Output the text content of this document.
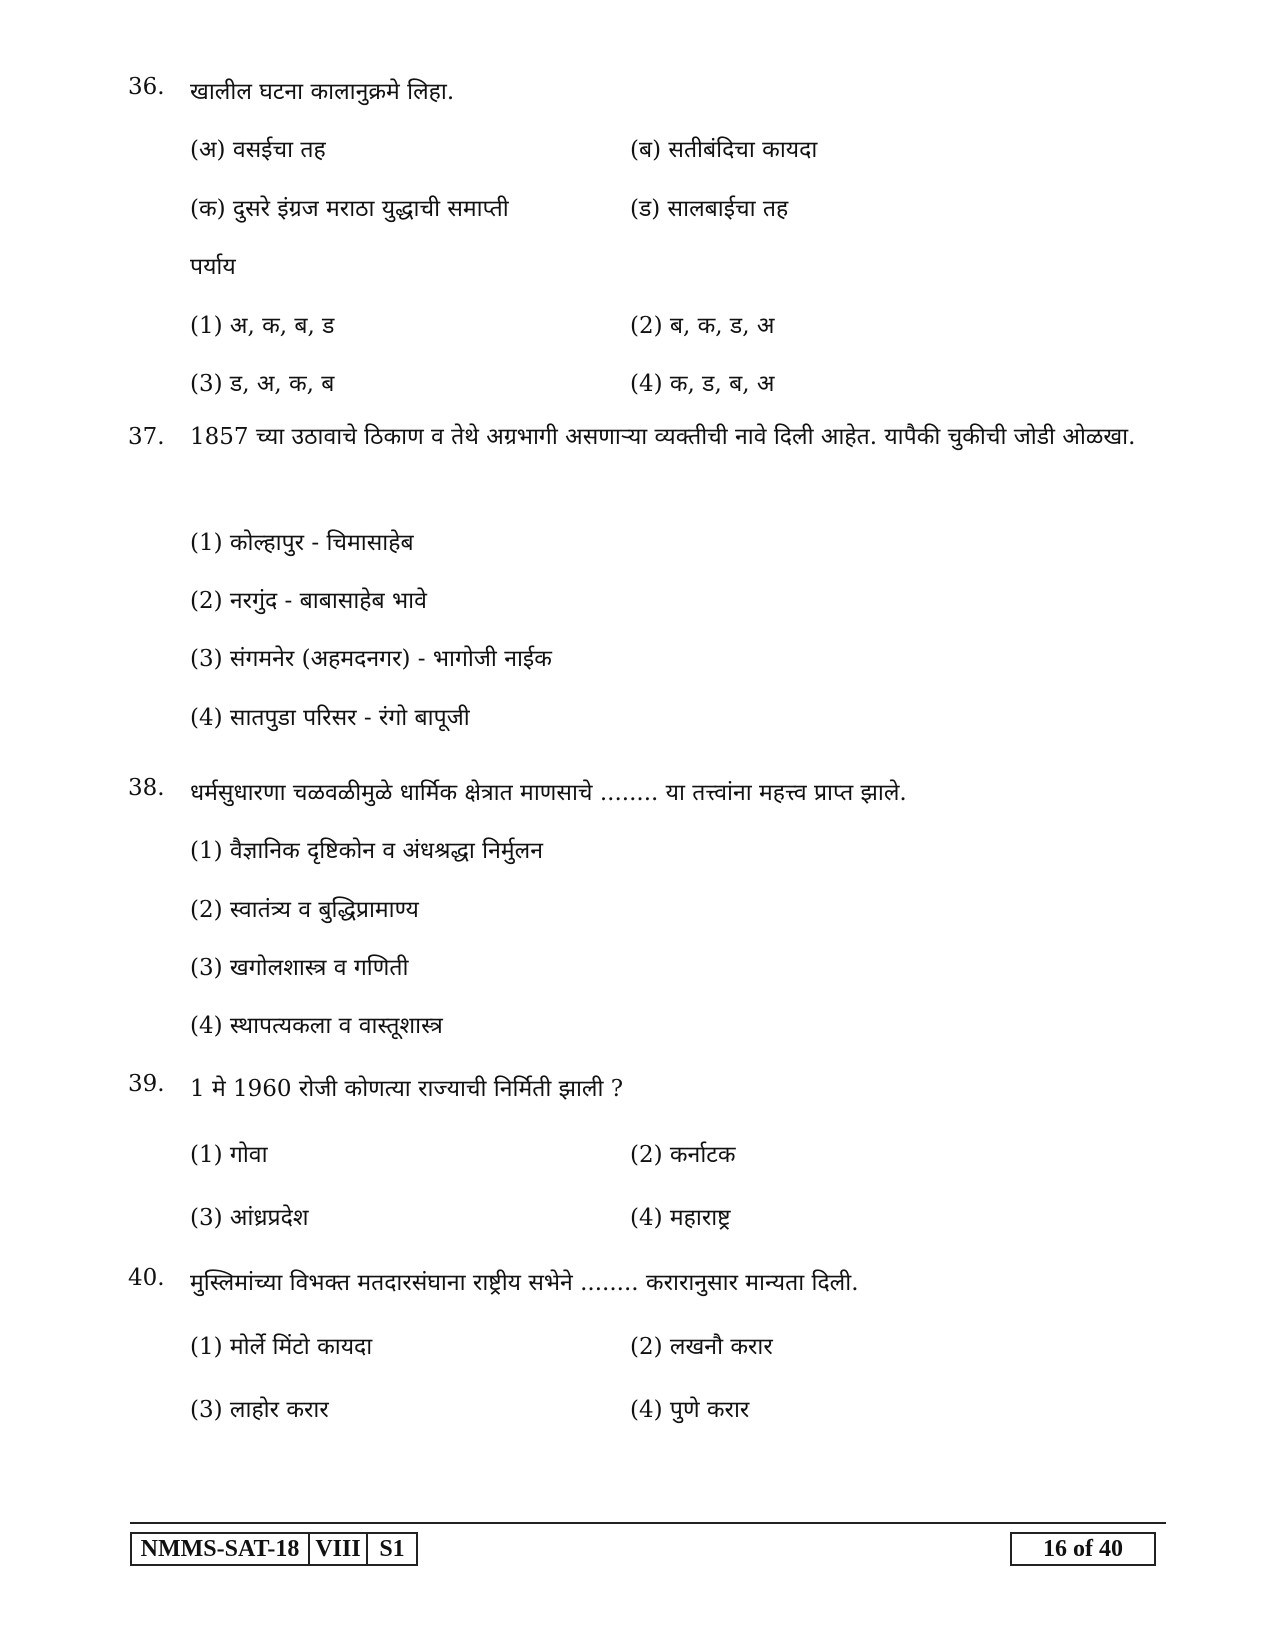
36. खालील घटना कालानुक्रमे लिहा.
(अ) वसईचा तह	(ब) सतीबंदिचा कायदा
(क) दुसरे इंग्रज मराठा युद्धाची समाप्ती	(ड) सालबाईचा तह
पर्याय
(1) अ, क, ब, ड	(2) ब, क, ड, अ
(3) ड, अ, क, ब	(4) क, ड, ब, अ
37. 1857 च्या उठावाचे ठिकाण व तेथे अग्रभागी असणाऱ्या व्यक्तीची नावे दिली आहेत. यापैकी चुकीची जोडी ओळखा.
(1) कोल्हापुर - चिमासाहेब
(2) नरगुंद - बाबासाहेब भावे
(3) संगमनेर (अहमदनगर) - भागोजी नाईक
(4) सातपुडा परिसर - रंगो बापूजी
38. धर्मसुधारणा चळवळीमुळे धार्मिक क्षेत्रात माणसाचे ........ या तत्त्वांना महत्त्व प्राप्त झाले.
(1) वैज्ञानिक दृष्टिकोन व अंधश्रद्धा निर्मुलन
(2) स्वातंत्र्य व बुद्धिप्रामाण्य
(3) खगोलशास्त्र व गणिती
(4) स्थापत्यकला व वास्तूशास्त्र
39. 1 मे 1960 रोजी कोणत्या राज्याची निर्मिती झाली ?
(1) गोवा	(2) कर्नाटक
(3) आंध्रप्रदेश	(4) महाराष्ट्र
40. मुस्लिमांच्या विभक्त मतदारसंघाना राष्ट्रीय सभेने ........ करारानुसार मान्यता दिली.
(1) मोर्ले मिंटो कायदा	(2) लखनौ करार
(3) लाहोर करार	(4) पुणे करार
NMMS-SAT-18 VIII S1	16 of 40
